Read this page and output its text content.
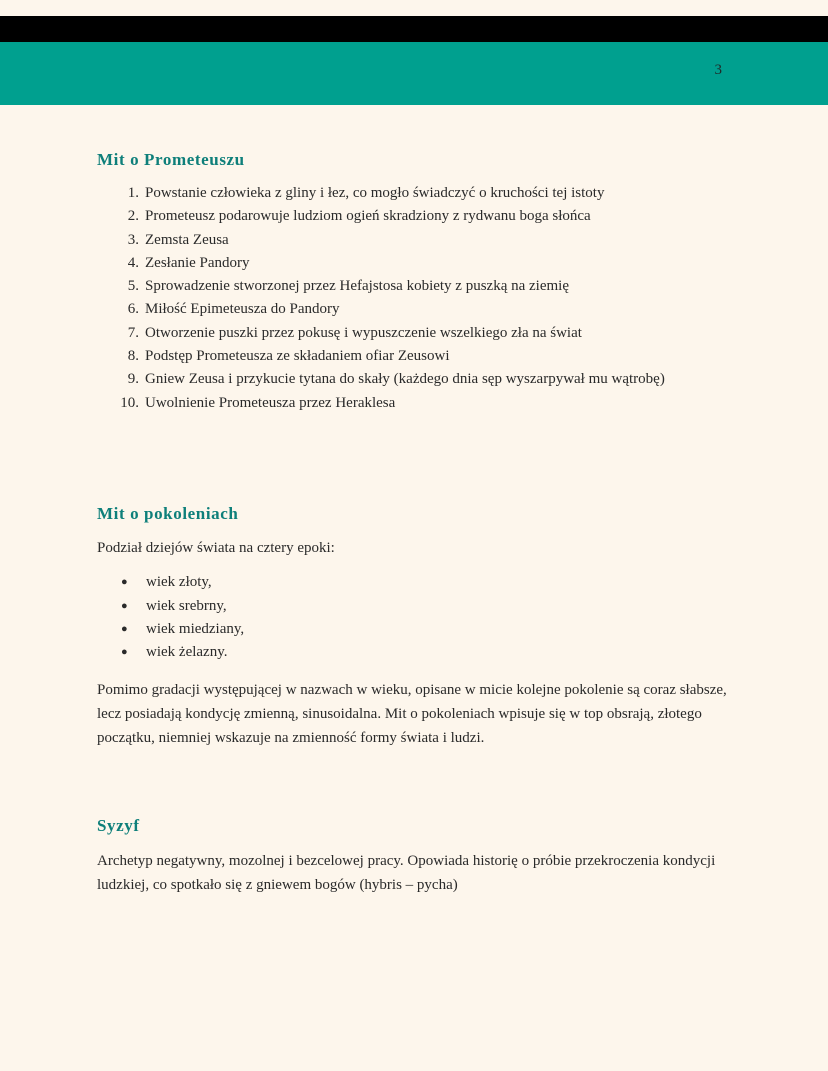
3
Mit o Prometeuszu
1. Powstanie człowieka z gliny i łez, co mogło świadczyć o kruchości tej istoty
2. Prometeusz podarowuje ludziom ogień skradziony z rydwanu boga słońca
3. Zemsta Zeusa
4. Zesłanie Pandory
5. Sprowadzenie stworzonej przez Hefajstosa kobiety z puszką na ziemię
6. Miłość Epimeteusza do Pandory
7. Otworzenie puszki przez pokusę i wypuszczenie wszelkiego zła na świat
8. Podstęp Prometeusza ze składaniem ofiar Zeusowi
9. Gniew Zeusa i przykucie tytana do skały (każdego dnia sęp wyszarpywał mu wątrobę)
10. Uwolnienie Prometeusza przez Heraklesa
Mit o pokoleniach

Podział dziejów świata na cztery epoki:

●	wiek złoty,
●	wiek srebrny,
●	wiek miedziany,
●	wiek żelazny.

Pomimo gradacji występującej w nazwach w wieku, opisane w micie kolejne pokolenie są coraz słabsze, lecz posiadają kondycję zmienną, sinusoidalna. Mit o pokoleniach wpisuje się w top obsrają, złotego początku, niemniej wskazuje na zmienność formy świata i ludzi.

Syzyf

Archetyp negatywny, mozolnej i bezcelowej pracy. Opowiada historię o próbie przekroczenia kondycji ludzkiej, co spotkało się z gniewem bogów (hybris – pycha)
